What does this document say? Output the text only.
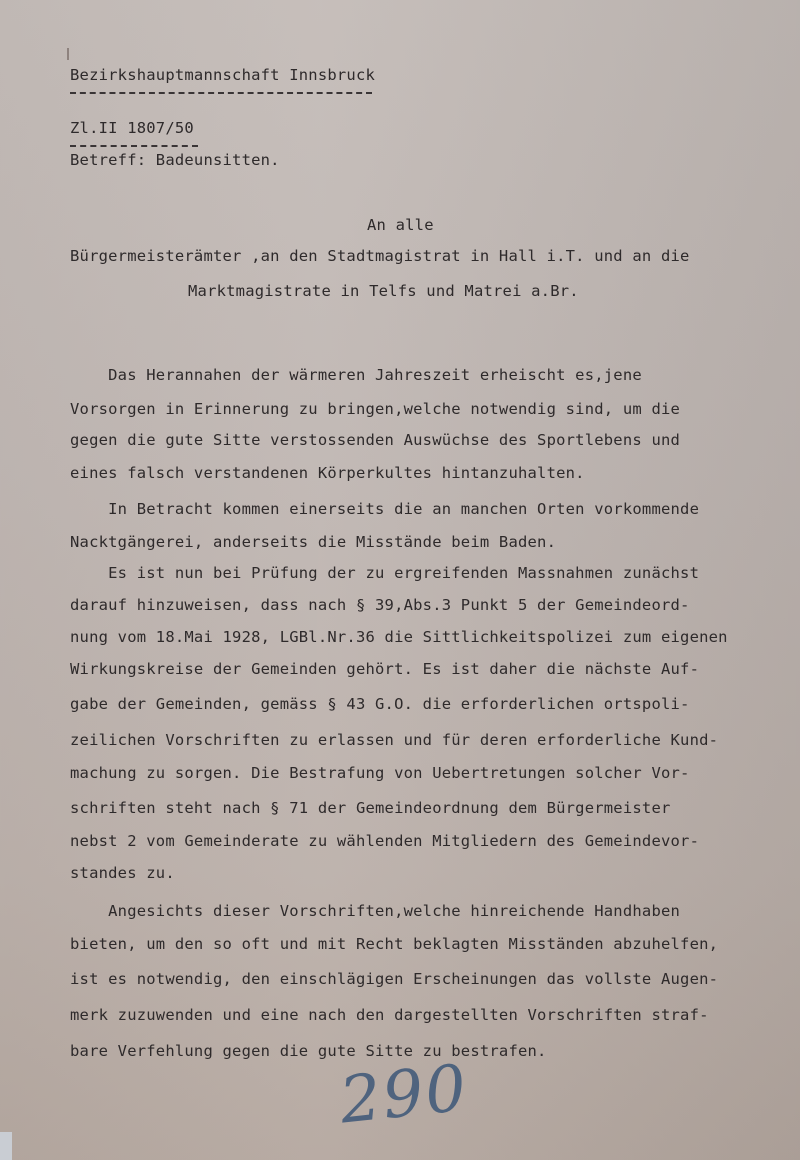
Bezirkshauptmannschaft Innsbruck
Zl.II 1807/50
Betreff: Badeunsitten.
An alle
Bürgermeisterämter ,an den Stadtmagistrat in Hall i.T. und an die
Marktmagistrate in Telfs und Matrei a.Br.
Das Herannahen der wärmeren Jahreszeit erheischt es,jene
Vorsorgen in Erinnerung zu bringen,welche notwendig sind, um die
gegen die gute Sitte verstossenden Auswüchse des Sportlebens und
eines falsch verstandenen Körperkultes hintanzuhalten.
In Betracht kommen einerseits die an manchen Orten vorkommende
Nacktgängerei, anderseits die Misstände beim Baden.
Es ist nun bei Prüfung der zu ergreifenden Massnahmen zunächst
darauf hinzuweisen, dass nach § 39,Abs.3 Punkt 5 der Gemeindeord-
nung vom 18.Mai 1928, LGBl.Nr.36 die Sittlichkeitspolizei zum eigenen
Wirkungskreise der Gemeinden gehört. Es ist daher die nächste Auf-
gabe der Gemeinden, gemäss § 43 G.O. die erforderlichen ortspoli-
zeilichen Vorschriften zu erlassen und für deren erforderliche Kund-
machung zu sorgen. Die Bestrafung von Uebertretungen solcher Vor-
schriften steht nach § 71 der Gemeindeordnung dem Bürgermeister
nebst 2 vom Gemeinderate zu wählenden Mitgliedern des Gemeindevor-
standes zu.
Angesichts dieser Vorschriften,welche hinreichende Handhaben
bieten, um den so oft und mit Recht beklagten Misständen abzuhelfen,
ist es notwendig, den einschlägigen Erscheinungen das vollste Augen-
merk zuzuwenden und eine nach den dargestellten Vorschriften straf-
bare Verfehlung gegen die gute Sitte zu bestrafen.
290
